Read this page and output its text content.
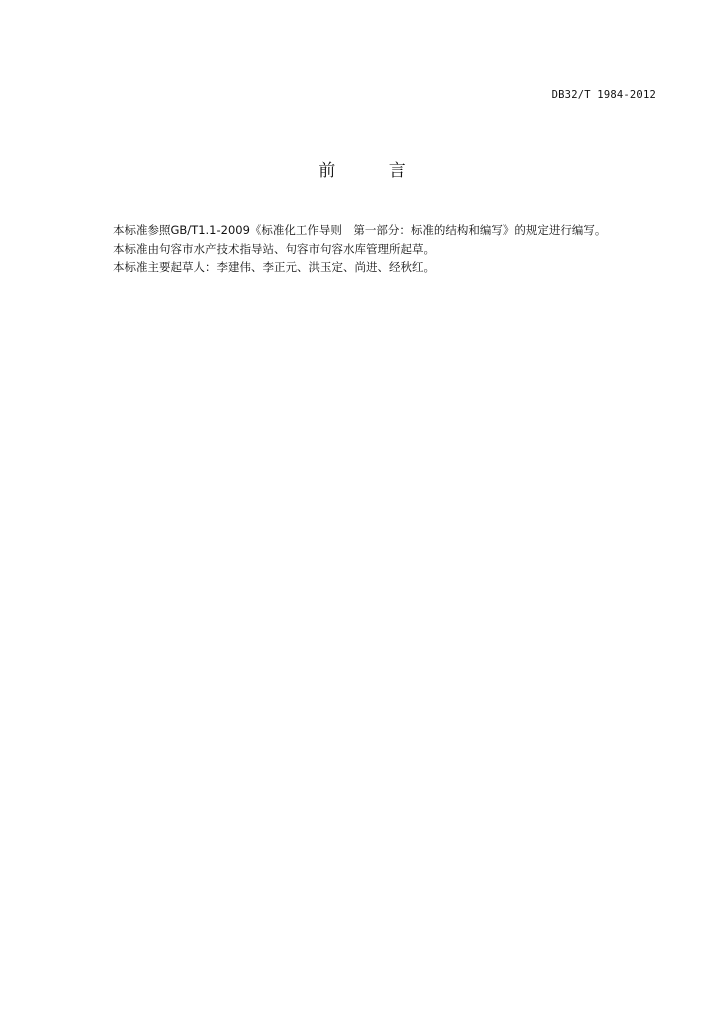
DB32/T 1984-2012
前 言

本标准参照GB/T1.1-2009《标准化工作导则　第一部分：标准的结构和编写》的规定进行编写。

本标准由句容市水产技术指导站、句容市句容水库管理所起草。

本标准主要起草人：李建伟、李正元、洪玉定、尚进、经秋红。
